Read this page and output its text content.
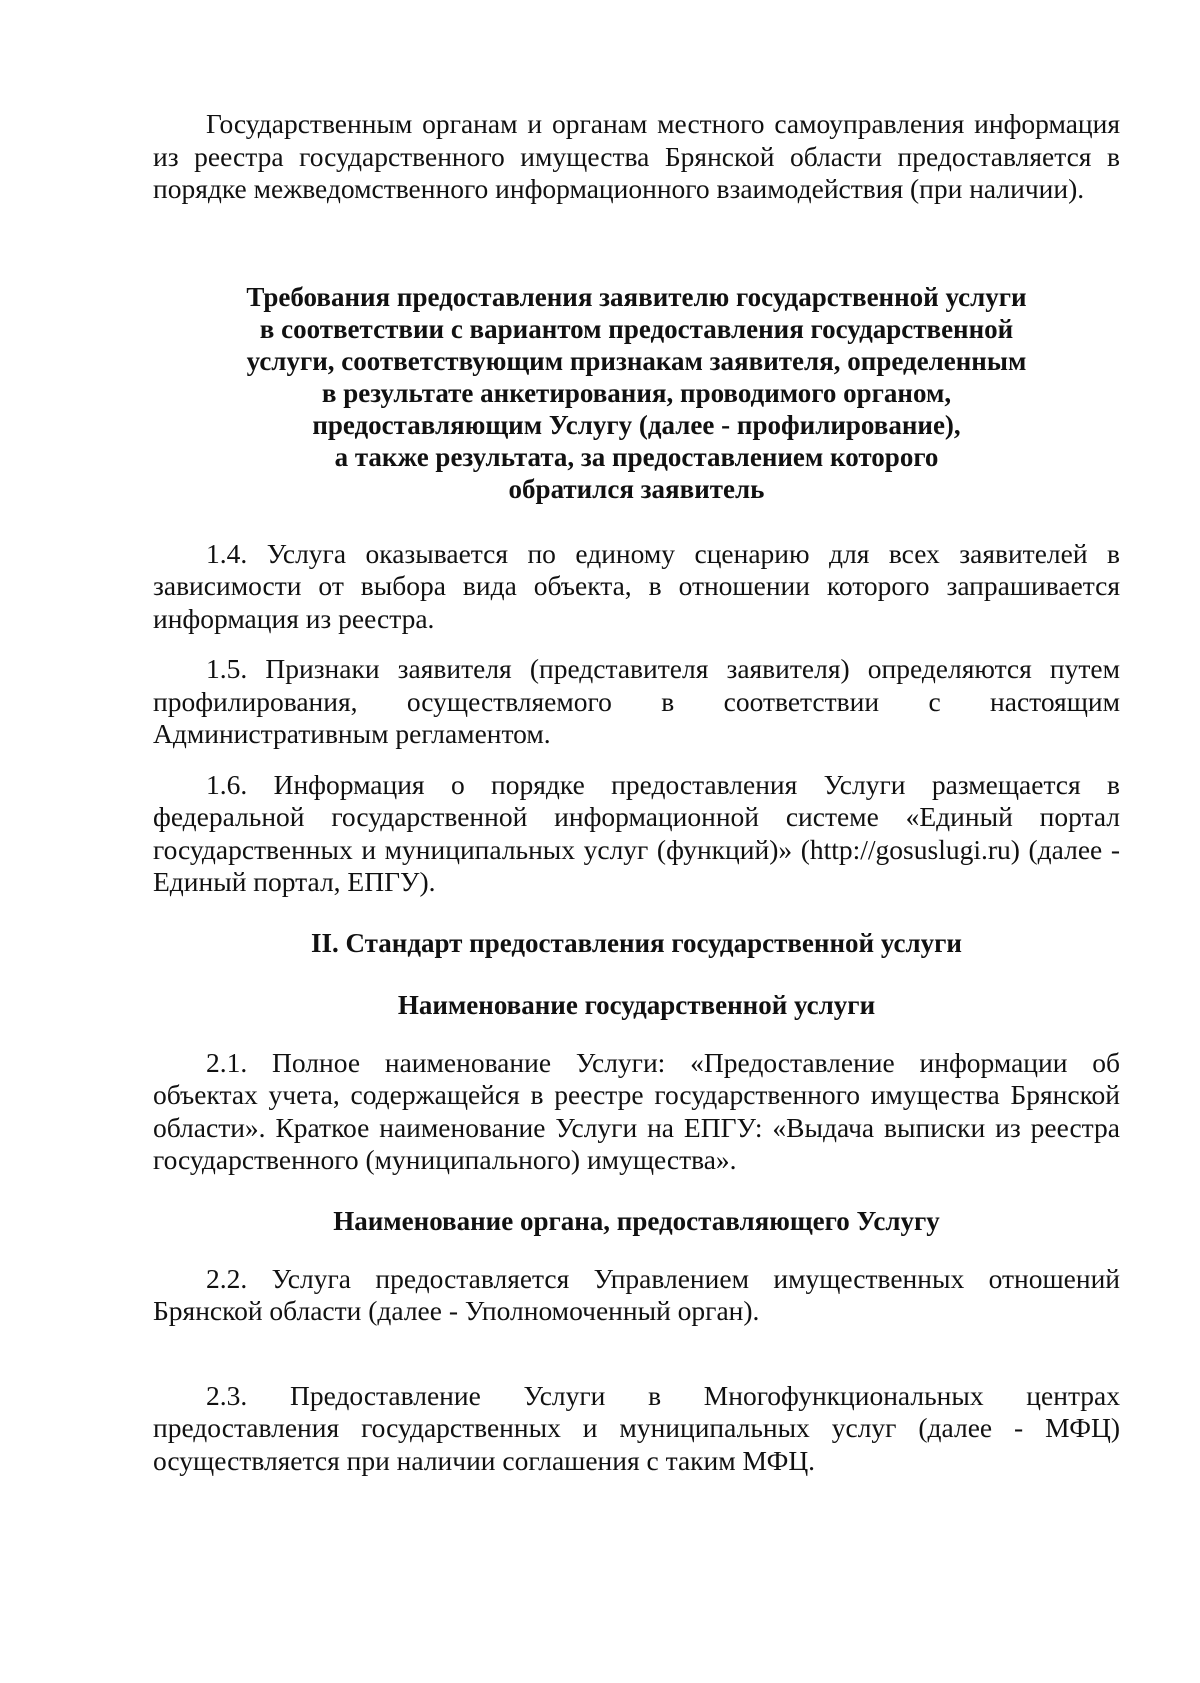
Государственным органам и органам местного самоуправления информация из реестра государственного имущества Брянской области предоставляется в порядке межведомственного информационного взаимодействия (при наличии).

Требования предоставления заявителю государственной услуги
в соответствии с вариантом предоставления государственной
услуги, соответствующим признакам заявителя, определенным
в результате анкетирования, проводимого органом,
предоставляющим Услугу (далее - профилирование),
а также результата, за предоставлением которого
обратился заявитель

1.4. Услуга оказывается по единому сценарию для всех заявителей в зависимости от выбора вида объекта, в отношении которого запрашивается информация из реестра.

1.5. Признаки заявителя (представителя заявителя) определяются путем профилирования, осуществляемого в соответствии с настоящим Административным регламентом.

1.6. Информация о порядке предоставления Услуги размещается в федеральной государственной информационной системе «Единый портал государственных и муниципальных услуг (функций)» (http://gosuslugi.ru) (далее - Единый портал, ЕПГУ).

II. Стандарт предоставления государственной услуги
Наименование государственной услуги

2.1. Полное наименование Услуги: «Предоставление информации об объектах учета, содержащейся в реестре государственного имущества Брянской области». Краткое наименование Услуги на ЕПГУ: «Выдача выписки из реестра государственного (муниципального) имущества».

Наименование органа, предоставляющего Услугу

2.2. Услуга предоставляется Управлением имущественных отношений Брянской области (далее - Уполномоченный орган).

2.3. Предоставление Услуги в Многофункциональных центрах предоставления государственных и муниципальных услуг (далее - МФЦ) осуществляется при наличии соглашения с таким МФЦ.
